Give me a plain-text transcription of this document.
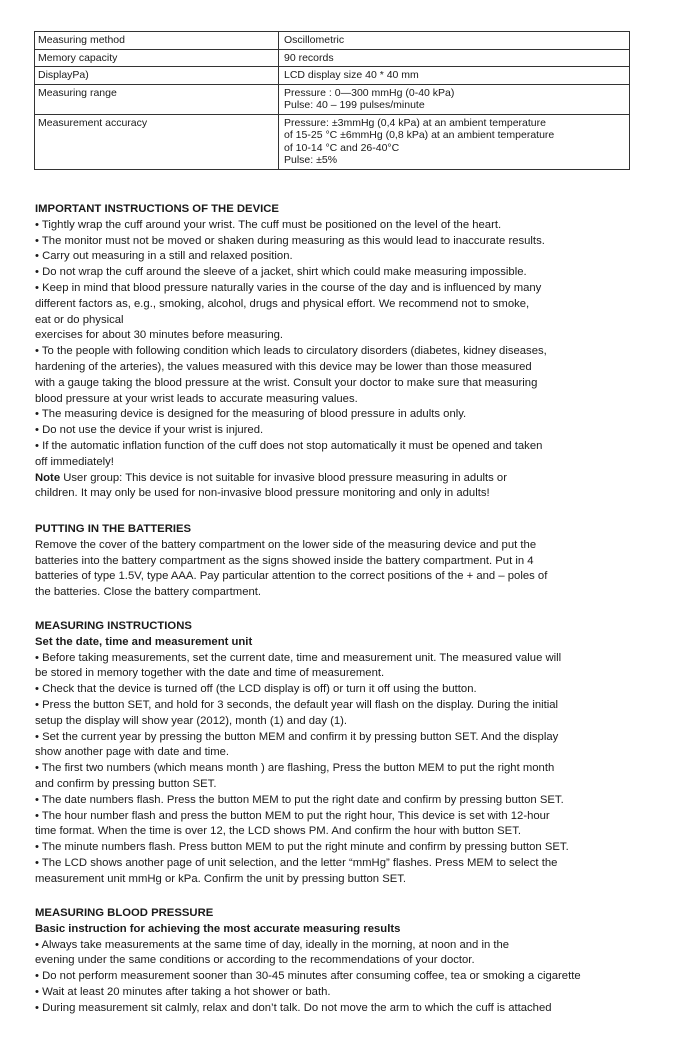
Measuring method	Oscillometric

Memory capacity	90 records

DisplayPa)	LCD display size 40 * 40 mm

Measuring range	Pressure : 0—300 mmHg (0-40 kPa)
Pulse: 40 – 199 pulses/minute

Measurement accuracy	Pressure: ±3mmHg (0,4 kPa) at an ambient temperature
of 15-25 °C ±6mmHg (0,8 kPa) at an ambient temperature
of 10-14 °C and 26-40°C
Pulse: ±5%
IMPORTANT INSTRUCTIONS OF THE DEVICE
• Tightly wrap the cuff around your wrist. The cuff must be positioned on the level of the heart.
• The monitor must not be moved or shaken during measuring as this would lead to inaccurate results.
• Carry out measuring in a still and relaxed position.
• Do not wrap the cuff around the sleeve of a jacket, shirt which could make measuring impossible.
• Keep in mind that blood pressure naturally varies in the course of the day and is influenced by many
different factors as, e.g., smoking, alcohol, drugs and physical effort. We recommend not to smoke,
eat or do physical
exercises for about 30 minutes before measuring.
• To the people with following condition which leads to circulatory disorders (diabetes, kidney diseases,
hardening of the arteries), the values measured with this device may be lower than those measured
with a gauge taking the blood pressure at the wrist. Consult your doctor to make sure that measuring
blood pressure at your wrist leads to accurate measuring values.
• The measuring device is designed for the measuring of blood pressure in adults only.
• Do not use the device if your wrist is injured.
• If the automatic inflation function of the cuff does not stop automatically it must be opened and taken
off immediately!
Note User group: This device is not suitable for invasive blood pressure measuring in adults or
children. It may only be used for non-invasive blood pressure monitoring and only in adults!
PUTTING IN THE BATTERIES
Remove the cover of the battery compartment on the lower side of the measuring device and put the
batteries into the battery compartment as the signs showed inside the battery compartment. Put in 4
batteries of type 1.5V, type AAA. Pay particular attention to the correct positions of the + and – poles of
the batteries. Close the battery compartment.
MEASURING INSTRUCTIONS
Set the date, time and measurement unit
• Before taking measurements, set the current date, time and measurement unit. The measured value will
be stored in memory together with the date and time of measurement.
• Check that the device is turned off (the LCD display is off) or turn it off using the button.
• Press the button SET, and hold for 3 seconds, the default year will flash on the display. During the initial
setup the display will show year (2012), month (1) and day (1).
• Set the current year by pressing the button MEM and confirm it by pressing button SET. And the display
show another page with date and time.
• The first two numbers (which means month ) are flashing, Press the button MEM to put the right month
and confirm by pressing button SET.
• The date numbers flash. Press the button MEM to put the right date and confirm by pressing button SET.
• The hour number flash and press the button MEM to put the right hour, This device is set with 12-hour
time format. When the time is over 12, the LCD shows PM. And confirm the hour with button SET.
• The minute numbers flash. Press button MEM to put the right minute and confirm by pressing button SET.
• The LCD shows another page of unit selection, and the letter “mmHg” flashes. Press MEM to select the
measurement unit mmHg or kPa. Confirm the unit by pressing button SET.
MEASURING BLOOD PRESSURE
Basic instruction for achieving the most accurate measuring results
• Always take measurements at the same time of day, ideally in the morning, at noon and in the
evening under the same conditions or according to the recommendations of your doctor.
• Do not perform measurement sooner than 30-45 minutes after consuming coffee, tea or smoking a cigarette
• Wait at least 20 minutes after taking a hot shower or bath.
• During measurement sit calmly, relax and don’t talk. Do not move the arm to which the cuff is attached
